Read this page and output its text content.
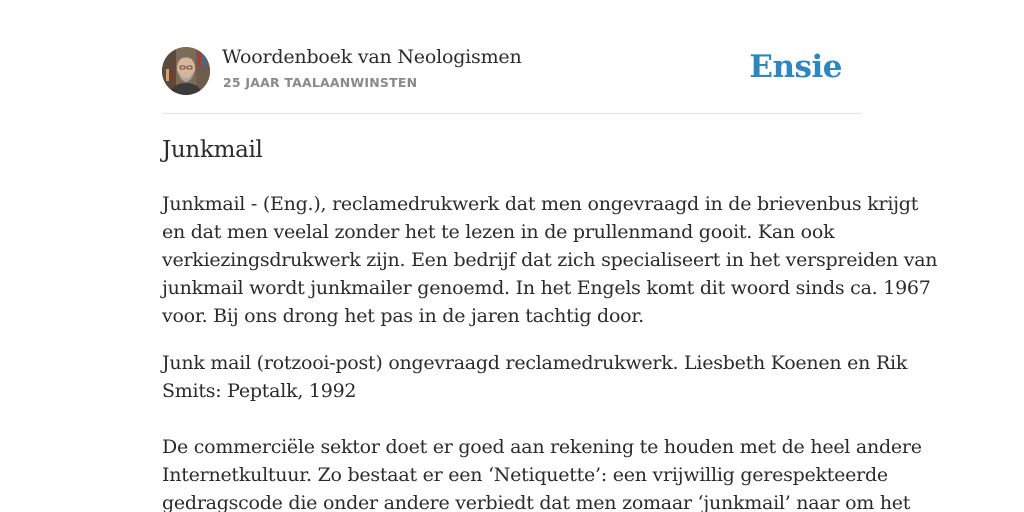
Woordenboek van Neologismen
25 JAAR TAALAANWINSTEN	Ensie
Junkmail
Junkmail - (Eng.), reclamedrukwerk dat men ongevraagd in de brievenbus krijgt
en dat men veelal zonder het te lezen in de prullenmand gooit. Kan ook
verkiezingsdrukwerk zijn. Een bedrijf dat zich specialiseert in het verspreiden van
junkmail wordt junkmailer genoemd. In het Engels komt dit woord sinds ca. 1967
voor. Bij ons drong het pas in de jaren tachtig door.
Junk mail (rotzooi-post) ongevraagd reclamedrukwerk. Liesbeth Koenen en Rik
Smits: Peptalk, 1992
De commerciële sektor doet er goed aan rekening te houden met de heel andere
Internetkultuur. Zo bestaat er een ‘Netiquette’: een vrijwillig gerespekteerde
gedragscode die onder andere verbiedt dat men zomaar ‘junkmail’ naar om het
